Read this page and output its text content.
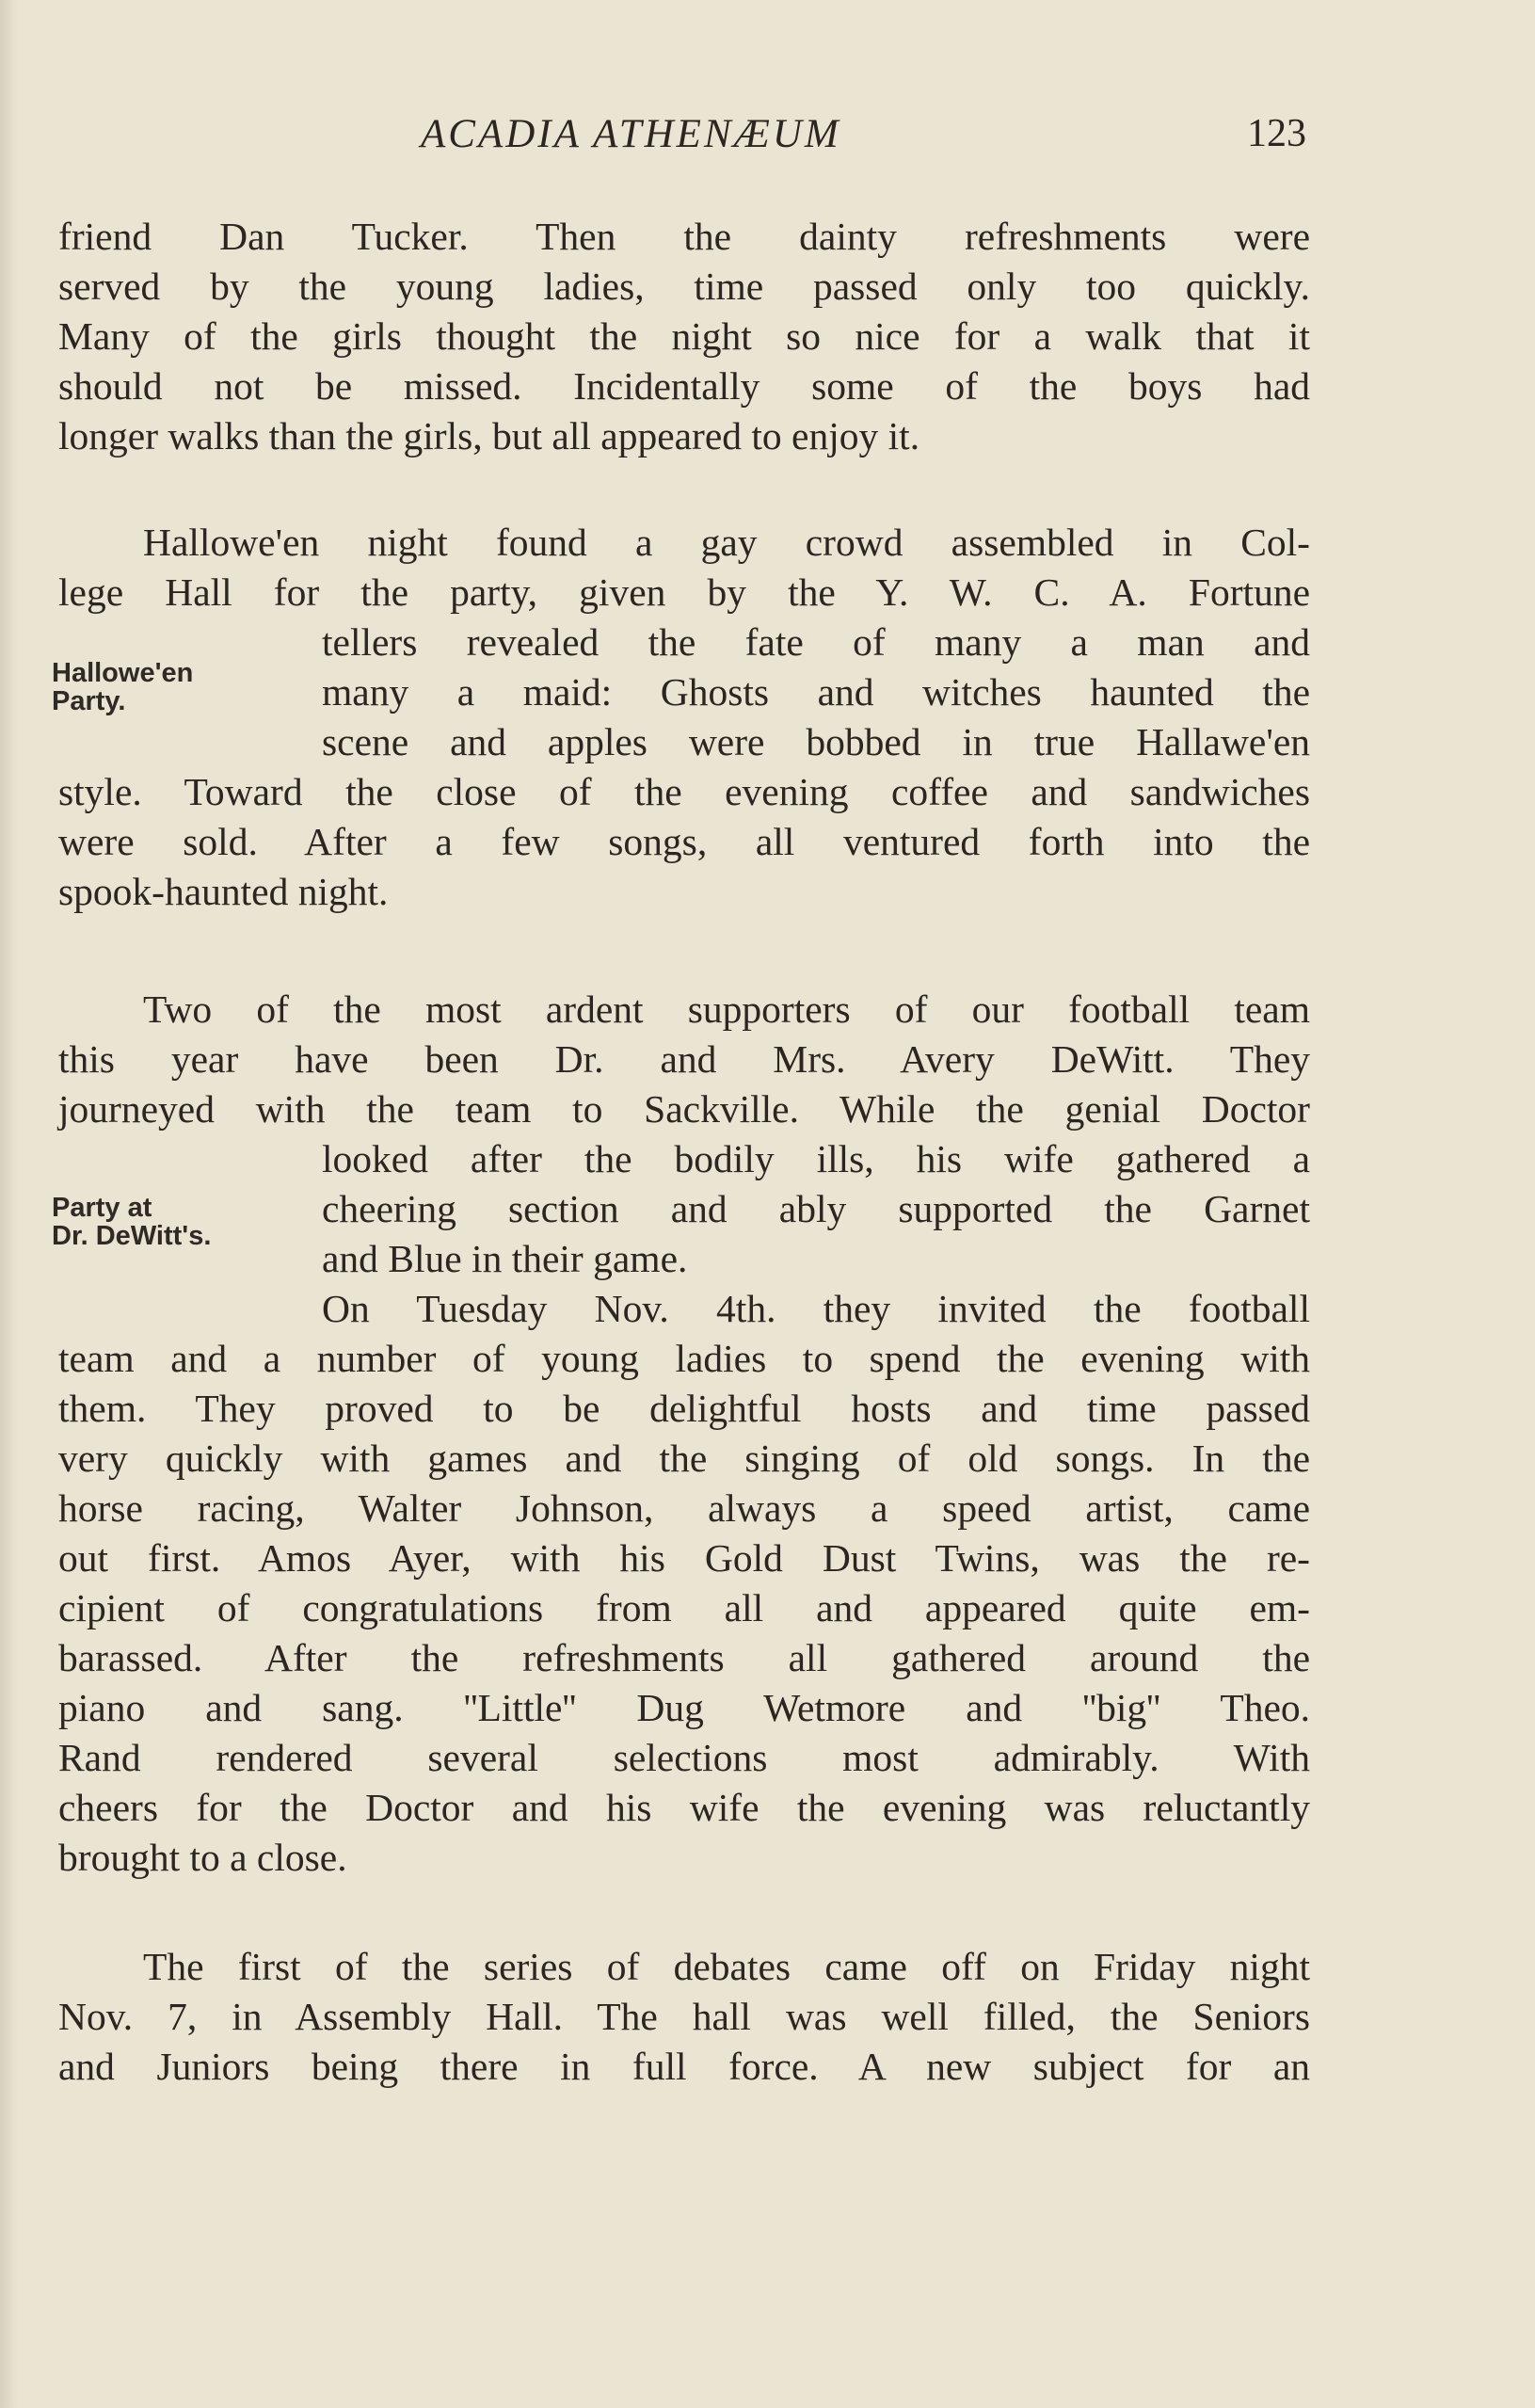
ACADIA ATHENÆUM	123
friend Dan Tucker. Then the dainty refreshments were
served by the young ladies, time passed only too quickly.
Many of the girls thought the night so nice for a walk that it
should not be missed. Incidentally some of the boys had
longer walks than the girls, but all appeared to enjoy it.
Hallowe'en night found a gay crowd assembled in Col-
lege Hall for the party, given by the Y. W. C. A. Fortune
tellers revealed the fate of many a man and
many a maid: Ghosts and witches haunted the
scene and apples were bobbed in true Hallawe'en
style. Toward the close of the evening coffee and sandwiches
were sold. After a few songs, all ventured forth into the
spook-haunted night.
Hallowe'en
Party.
Two of the most ardent supporters of our football team
this year have been Dr. and Mrs. Avery DeWitt. They
journeyed with the team to Sackville. While the genial Doctor
looked after the bodily ills, his wife gathered a
cheering section and ably supported the Garnet
and Blue in their game.
On Tuesday Nov. 4th. they invited the football
team and a number of young ladies to spend the evening with
them. They proved to be delightful hosts and time passed
very quickly with games and the singing of old songs. In the
horse racing, Walter Johnson, always a speed artist, came
out first. Amos Ayer, with his Gold Dust Twins, was the re-
cipient of congratulations from all and appeared quite em-
barassed. After the refreshments all gathered around the
piano and sang. ''Little'' Dug Wetmore and ''big'' Theo.
Rand rendered several selections most admirably. With
cheers for the Doctor and his wife the evening was reluctantly
brought to a close.
Party at
Dr. DeWitt's.
The first of the series of debates came off on Friday night
Nov. 7, in Assembly Hall. The hall was well filled, the Seniors
and Juniors being there in full force. A new subject for an
